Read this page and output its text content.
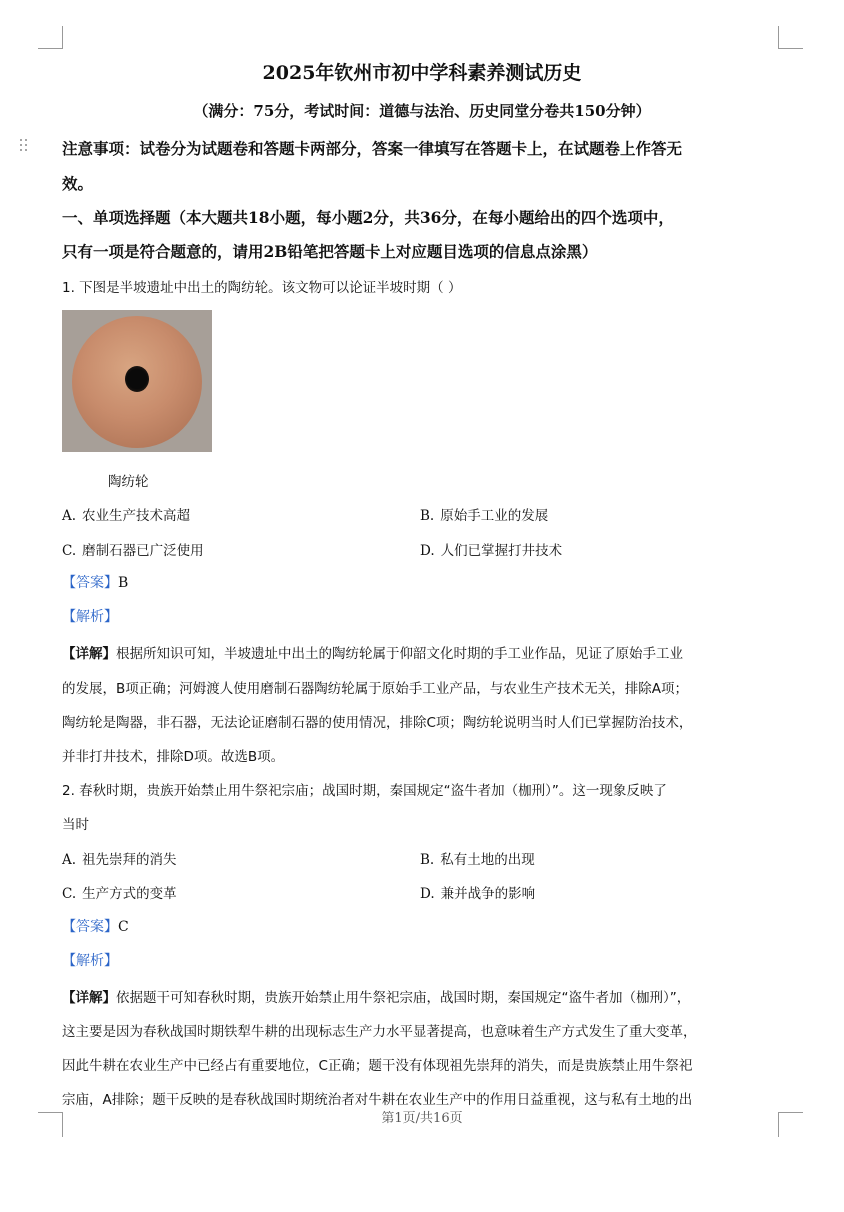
2025年钦州市初中学科素养测试历史
（满分：75分，考试时间：道德与法治、历史同堂分卷共150分钟）
注意事项：试卷分为试题卷和答题卡两部分，答案一律填写在答题卡上，在试题卷上作答无
效。
一、单项选择题（本大题共18小题，每小题2分，共36分，在每小题给出的四个选项中，
只有一项是符合题意的，请用2B铅笔把答题卡上对应题目选项的信息点涂黑）
1. 下图是半坡遗址中出土的陶纺轮。该文物可以论证半坡时期（ ）
陶纺轮
A. 农业生产技术高超	B. 原始手工业的发展
C. 磨制石器已广泛使用	D. 人们已掌握打井技术
【答案】B
【解析】
【详解】根据所知识可知，半坡遗址中出土的陶纺轮属于仰韶文化时期的手工业作品，见证了原始手工业
的发展，B项正确；河姆渡人使用磨制石器陶纺轮属于原始手工业产品，与农业生产技术无关，排除A项；
陶纺轮是陶器，非石器，无法论证磨制石器的使用情况，排除C项；陶纺轮说明当时人们已掌握防治技术，
并非打井技术，排除D项。故选B项。
2. 春秋时期，贵族开始禁止用牛祭祀宗庙；战国时期，秦国规定“盗牛者加（枷刑）”。这一现象反映了
当时
A. 祖先崇拜的消失	B. 私有土地的出现
C. 生产方式的变革	D. 兼并战争的影响
【答案】C
【解析】
【详解】依据题干可知春秋时期，贵族开始禁止用牛祭祀宗庙，战国时期，秦国规定“盗牛者加（枷刑）”，
这主要是因为春秋战国时期铁犁牛耕的出现标志生产力水平显著提高，也意味着生产方式发生了重大变革，
因此牛耕在农业生产中已经占有重要地位，C正确；题干没有体现祖先崇拜的消失，而是贵族禁止用牛祭祀
宗庙，A排除；题干反映的是春秋战国时期统治者对牛耕在农业生产中的作用日益重视，这与私有土地的出
第1页/共16页
